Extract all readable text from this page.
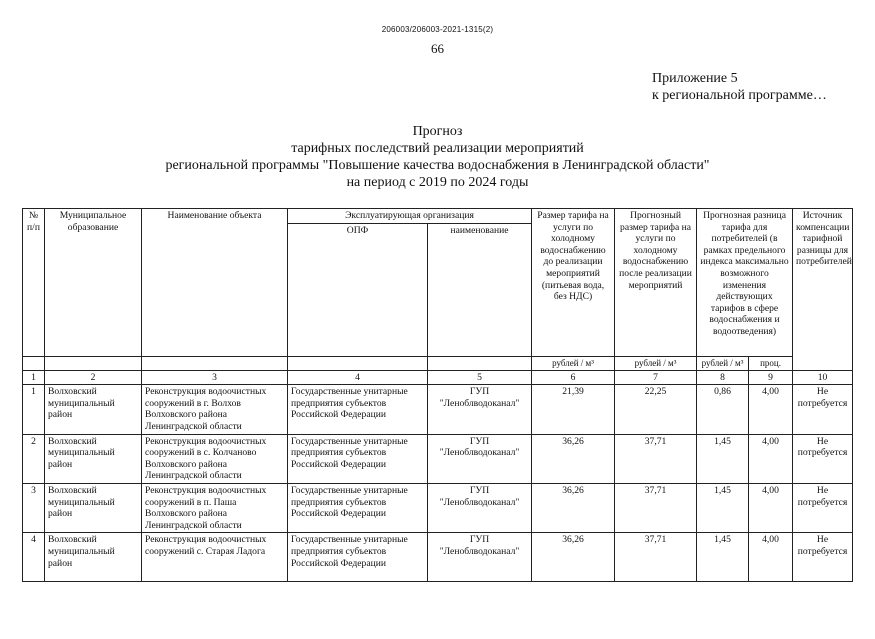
206003/206003-2021-1315(2)
66
Приложение 5
к региональной программе…
Прогноз
тарифных последствий реализации мероприятий
региональной программы "Повышение качества водоснабжения в Ленинградской области"
на период с 2019 по 2024 годы
№ п/п	Муниципальное образование	Наименование объекта	Эксплуатирующая организация		Размер тарифа на услуги по холодному водоснабжению до реализации мероприятий (питьевая вода, без НДС)	Прогнозный размер тарифа на услуги по холодному водоснабжению после реализации мероприятий	Прогнозная разница тарифа для потребителей (в рамках предельного индекса максимально возможного изменения действующих тарифов в сфере водоснабжения и водоотведения)		Источник компенсации тарифной разницы для потребителей
			ОПФ	наименование					
					рублей / м³	рублей / м³	рублей / м³	проц.	
1	2	3	4	5	6	7	8	9	10
1	Волховский муниципальный район	Реконструкция водоочистных сооружений в г. Волхов Волховского района Ленинградской области	Государственные унитарные предприятия субъектов Российской Федерации	ГУП "Леноблводоканал"	21,39	22,25	0,86	4,00	Не потребуется
2	Волховский муниципальный район	Реконструкция водоочистных сооружений в с. Колчаново Волховского района Ленинградской области	Государственные унитарные предприятия субъектов Российской Федерации	ГУП "Леноблводоканал"	36,26	37,71	1,45	4,00	Не потребуется
3	Волховский муниципальный район	Реконструкция водоочистных сооружений в п. Паша Волховского района Ленинградской области	Государственные унитарные предприятия субъектов Российской Федерации	ГУП "Леноблводоканал"	36,26	37,71	1,45	4,00	Не потребуется
4	Волховский муниципальный район	Реконструкция водоочистных сооружений с. Старая Ладога	Государственные унитарные предприятия субъектов Российской Федерации	ГУП "Леноблводоканал"	36,26	37,71	1,45	4,00	Не потребуется
